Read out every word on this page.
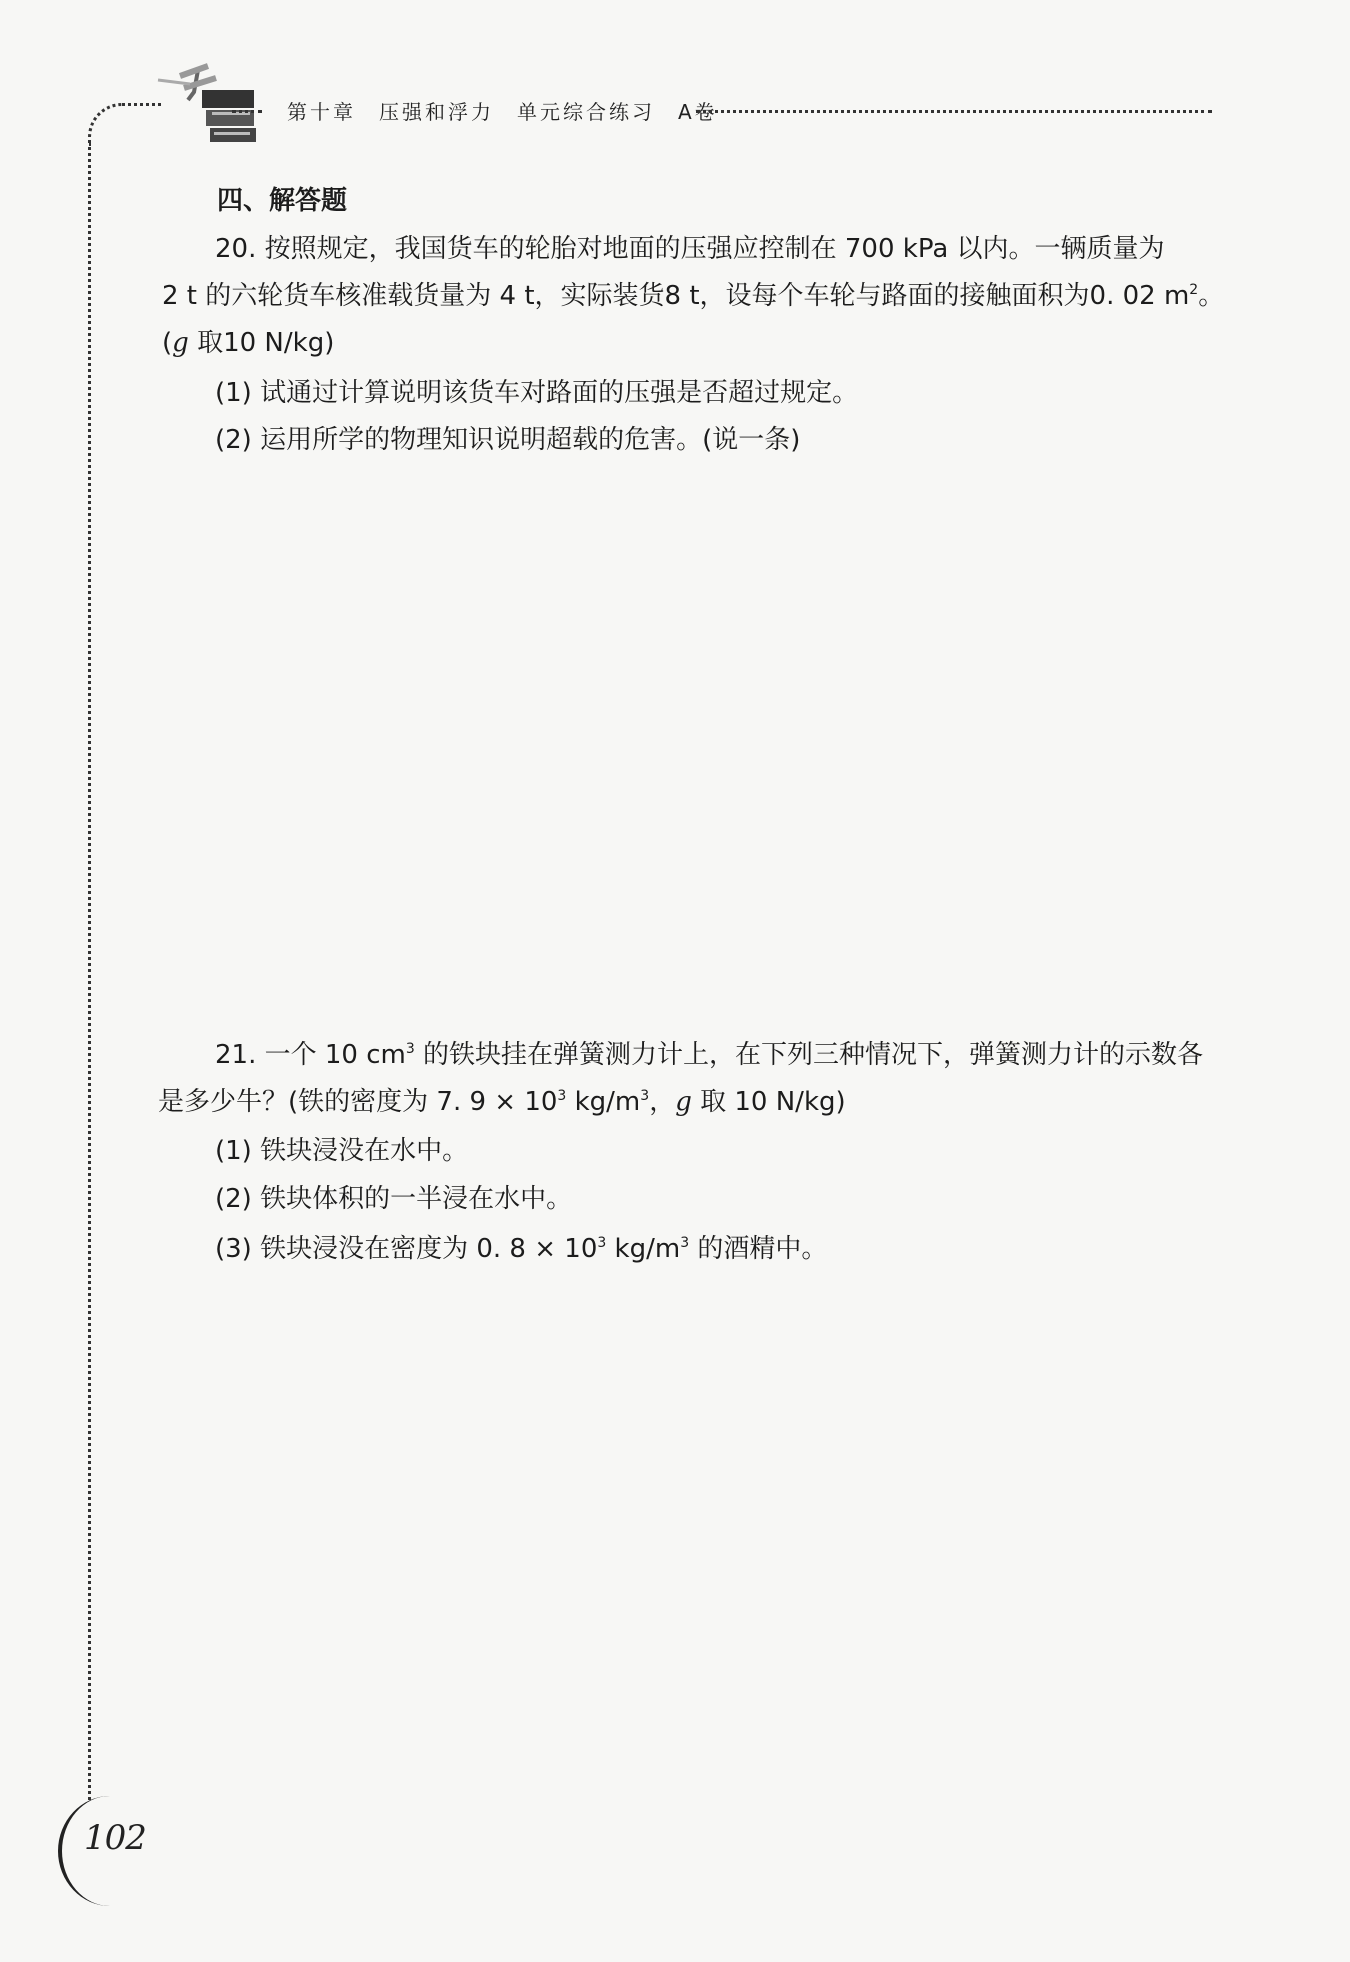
第十章　压强和浮力　单元综合练习　A卷
四、解答题
20. 按照规定，我国货车的轮胎对地面的压强应控制在 700 kPa 以内。一辆质量为
2 t 的六轮货车核准载货量为 4 t，实际装货8 t，设每个车轮与路面的接触面积为0. 02 $m^2$。
(g 取10 N/kg)
(1) 试通过计算说明该货车对路面的压强是否超过规定。
(2) 运用所学的物理知识说明超载的危害。(说一条)
21. 一个 10 $cm^3$ 的铁块挂在弹簧测力计上，在下列三种情况下，弹簧测力计的示数各
是多少牛？(铁的密度为 7. $9 \times 10^3$ $kg/m^3$，g 取 10 N/kg)
(1) 铁块浸没在水中。
(2) 铁块体积的一半浸在水中。
(3) 铁块浸没在密度为 0. $8 \times 10^3$ $kg/m^3$ 的酒精中。
102
